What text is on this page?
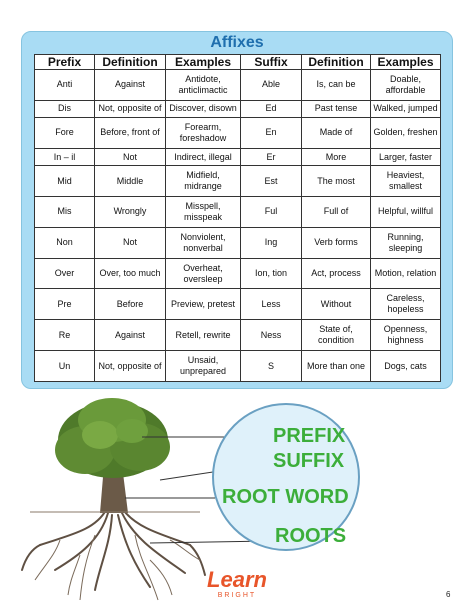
Affixes
Prefix	Definition	Examples	Suffix	Definition	Examples
Anti	Against	Antidote, anticlimactic	Able	Is, can be	Doable, affordable
Dis	Not, opposite of	Discover, disown	Ed	Past tense	Walked, jumped
Fore	Before, front of	Forearm, foreshadow	En	Made of	Golden, freshen
In – il	Not	Indirect, illegal	Er	More	Larger, faster
Mid	Middle	Midfield, midrange	Est	The most	Heaviest, smallest
Mis	Wrongly	Misspell, misspeak	Ful	Full of	Helpful, willful
Non	Not	Nonviolent, nonverbal	Ing	Verb forms	Running, sleeping
Over	Over, too much	Overheat, oversleep	Ion, tion	Act, process	Motion, relation
Pre	Before	Preview, pretest	Less	Without	Careless, hopeless
Re	Against	Retell, rewrite	Ness	State of, condition	Openness, highness
Un	Not, opposite of	Unsaid, unprepared	S	More than one	Dogs, cats
PREFIX
SUFFIX
ROOT WORD
ROOTS
Learn
BRIGHT	6
